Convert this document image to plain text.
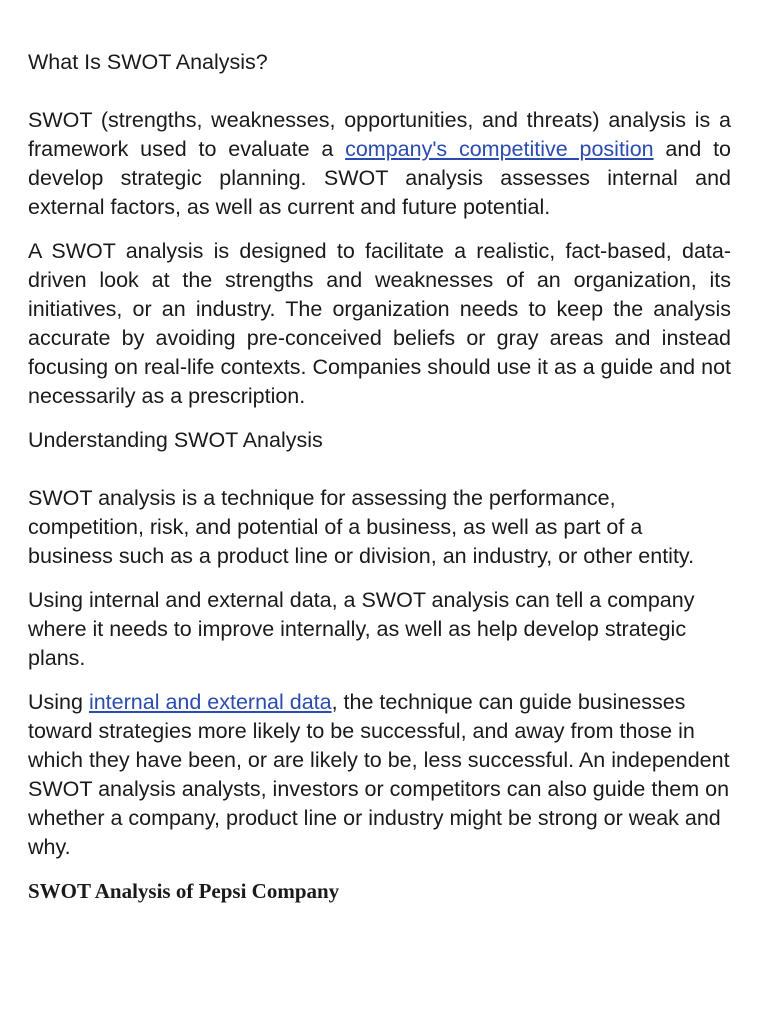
What Is SWOT Analysis?

SWOT (strengths, weaknesses, opportunities, and threats) analysis is a framework used to evaluate a company's competitive position and to develop strategic planning. SWOT analysis assesses internal and external factors, as well as current and future potential.

A SWOT analysis is designed to facilitate a realistic, fact-based, data-driven look at the strengths and weaknesses of an organization, its initiatives, or an industry. The organization needs to keep the analysis accurate by avoiding pre-conceived beliefs or gray areas and instead focusing on real-life contexts. Companies should use it as a guide and not necessarily as a prescription.

Understanding SWOT Analysis

SWOT analysis is a technique for assessing the performance, competition, risk, and potential of a business, as well as part of a business such as a product line or division, an industry, or other entity.

Using internal and external data, a SWOT analysis can tell a company where it needs to improve internally, as well as help develop strategic plans.

Using internal and external data, the technique can guide businesses toward strategies more likely to be successful, and away from those in which they have been, or are likely to be, less successful. An independent SWOT analysis analysts, investors or competitors can also guide them on whether a company, product line or industry might be strong or weak and why.

SWOT Analysis of Pepsi Company
